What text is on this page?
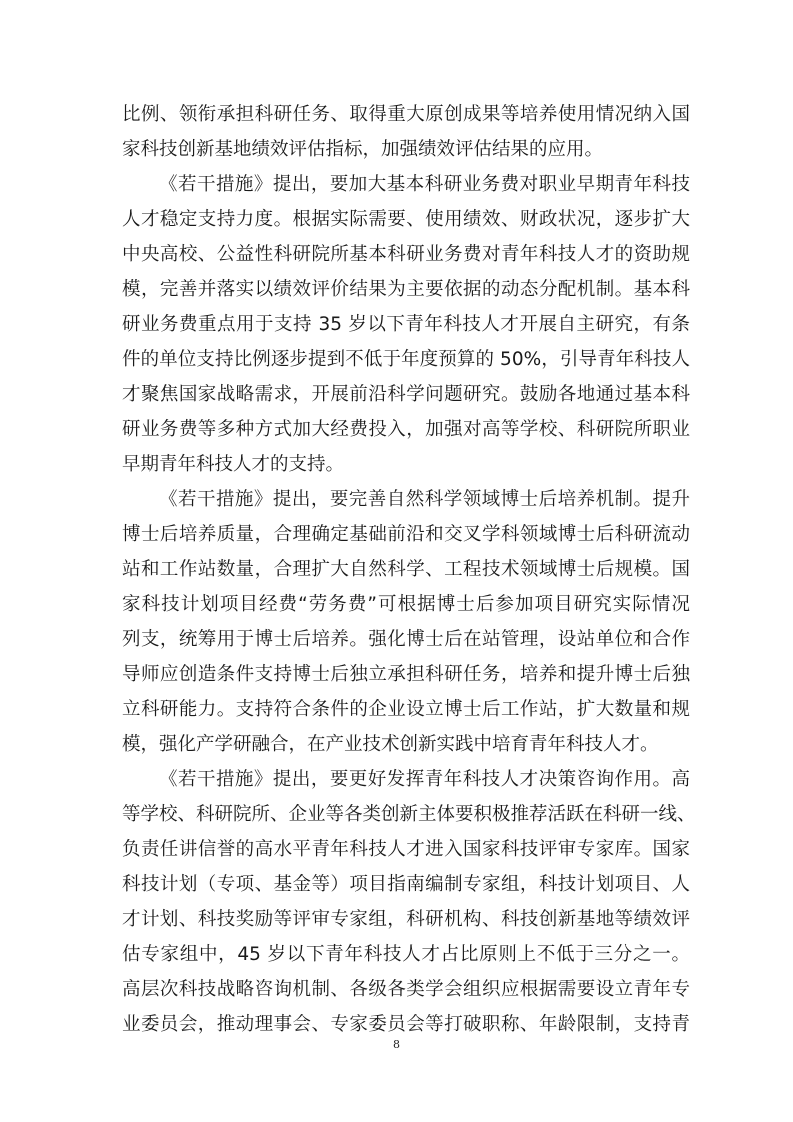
比例、领衔承担科研任务、取得重大原创成果等培养使用情况纳入国
家科技创新基地绩效评估指标，加强绩效评估结果的应用。
《若干措施》提出，要加大基本科研业务费对职业早期青年科技
人才稳定支持力度。根据实际需要、使用绩效、财政状况，逐步扩大
中央高校、公益性科研院所基本科研业务费对青年科技人才的资助规
模，完善并落实以绩效评价结果为主要依据的动态分配机制。基本科
研业务费重点用于支持 35 岁以下青年科技人才开展自主研究，有条
件的单位支持比例逐步提到不低于年度预算的 50%，引导青年科技人
才聚焦国家战略需求，开展前沿科学问题研究。鼓励各地通过基本科
研业务费等多种方式加大经费投入，加强对高等学校、科研院所职业
早期青年科技人才的支持。
《若干措施》提出，要完善自然科学领域博士后培养机制。提升
博士后培养质量，合理确定基础前沿和交叉学科领域博士后科研流动
站和工作站数量，合理扩大自然科学、工程技术领域博士后规模。国
家科技计划项目经费“劳务费”可根据博士后参加项目研究实际情况
列支，统筹用于博士后培养。强化博士后在站管理，设站单位和合作
导师应创造条件支持博士后独立承担科研任务，培养和提升博士后独
立科研能力。支持符合条件的企业设立博士后工作站，扩大数量和规
模，强化产学研融合，在产业技术创新实践中培育青年科技人才。
《若干措施》提出，要更好发挥青年科技人才决策咨询作用。高
等学校、科研院所、企业等各类创新主体要积极推荐活跃在科研一线、
负责任讲信誉的高水平青年科技人才进入国家科技评审专家库。国家
科技计划（专项、基金等）项目指南编制专家组，科技计划项目、人
才计划、科技奖励等评审专家组，科研机构、科技创新基地等绩效评
估专家组中，45 岁以下青年科技人才占比原则上不低于三分之一。
高层次科技战略咨询机制、各级各类学会组织应根据需要设立青年专
业委员会，推动理事会、专家委员会等打破职称、年龄限制，支持青
8
